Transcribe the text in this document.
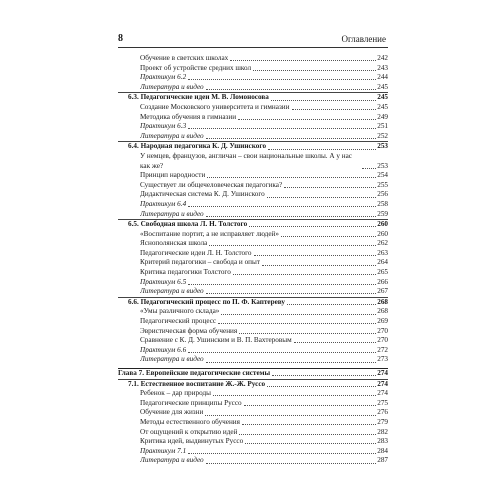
8	Оглавление
Обучение в светских школах	242
Проект об устройстве средних школ	243
Практикум 6.2	244
Литература и видео	245
6.3. Педагогические идеи М. В. Ломоносова	245
Создание Московского университета и гимназии	245
Методика обучения в гимназии	249
Практикум 6.3	251
Литература и видео	252
6.4. Народная педагогика К. Д. Ушинского	253
У немцев, французов, англичан – свои национальные школы. А у нас как же?	253
Принцип народности	254
Существует ли общечеловеческая педагогика?	255
Дидактическая система К. Д. Ушинского	256
Практикум 6.4	258
Литература и видео	259
6.5. Свободная школа Л. Н. Толстого	260
«Воспитание портит, а не исправляет людей»	260
Яснополянская школа	262
Педагогические идеи Л. Н. Толстого	263
Критерий педагогики – свобода и опыт	264
Критика педагогики Толстого	265
Практикум 6.5	266
Литература и видео	267
6.6. Педагогический процесс по П. Ф. Каптереву	268
«Умы различного склада»	268
Педагогический процесс	269
Эвристическая форма обучения	270
Сравнение с К. Д. Ушинским и В. П. Вахтеровым	270
Практикум 6.6	272
Литература и видео	273
Глава 7. Европейские педагогические системы	274
7.1. Естественное воспитание Ж.-Ж. Руссо	274
Ребенок – дар природы	274
Педагогические принципы Руссо	275
Обучение для жизни	276
Методы естественного обучения	279
От ощущений к открытию идей	282
Критика идей, выдвинутых Руссо	283
Практикум 7.1	284
Литература и видео	287
